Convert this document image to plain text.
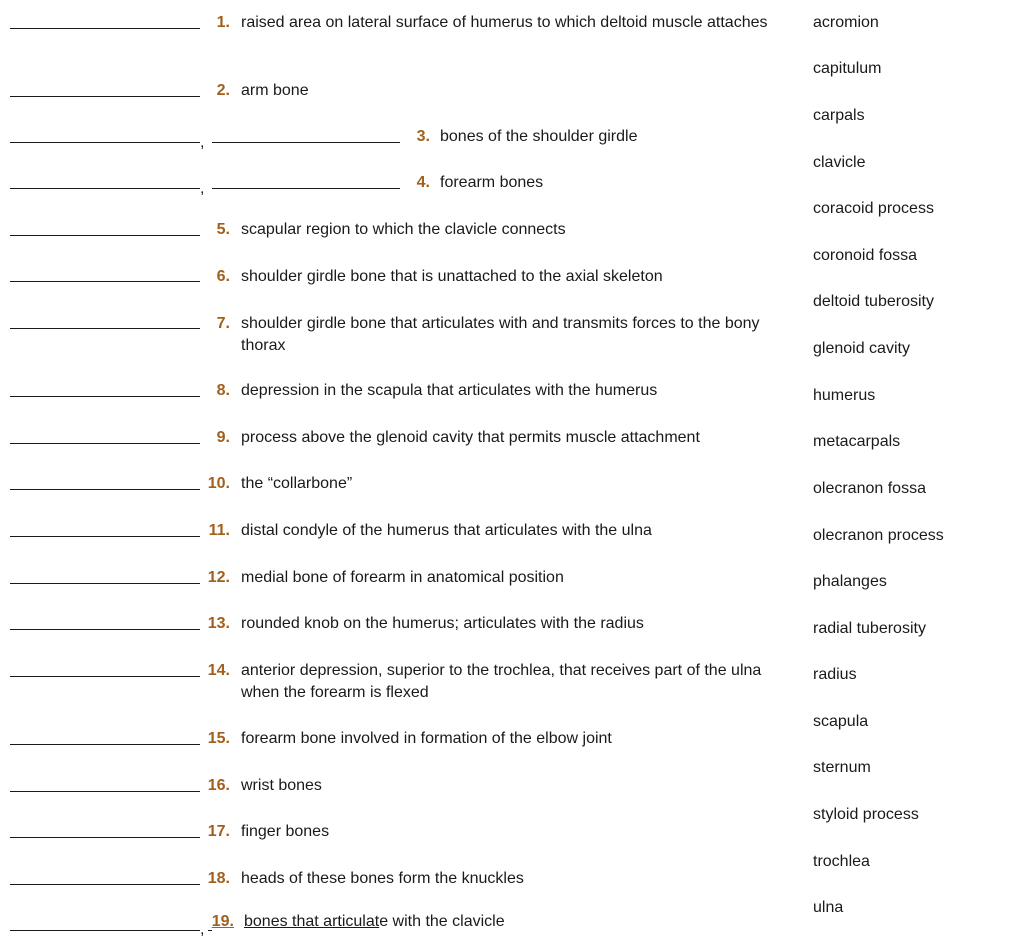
,
,
,
1.
2.
3.
4.
5.
6.
7.
8.
9.
10.
11.
12.
13.
14.
15.
16.
17.
18.
19.
raised area on lateral surface of humerus to which deltoid muscle attaches
arm bone
bones of the shoulder girdle
forearm bones
scapular region to which the clavicle connects
shoulder girdle bone that is unattached to the axial skeleton
shoulder girdle bone that articulates with and transmits forces to the bony thorax
depression in the scapula that articulates with the humerus
process above the glenoid cavity that permits muscle attachment
the “collarbone”
distal condyle of the humerus that articulates with the ulna
medial bone of forearm in anatomical position
rounded knob on the humerus; articulates with the radius
anterior depression, superior to the trochlea, that receives part of the ulna when the forearm is flexed
forearm bone involved in formation of the elbow joint
wrist bones
finger bones
heads of these bones form the knuckles
bones that articulate with the clavicle
acromion
capitulum
carpals
clavicle
coracoid process
coronoid fossa
deltoid tuberosity
glenoid cavity
humerus
metacarpals
olecranon fossa
olecranon process
phalanges
radial tuberosity
radius
scapula
sternum
styloid process
trochlea
ulna
